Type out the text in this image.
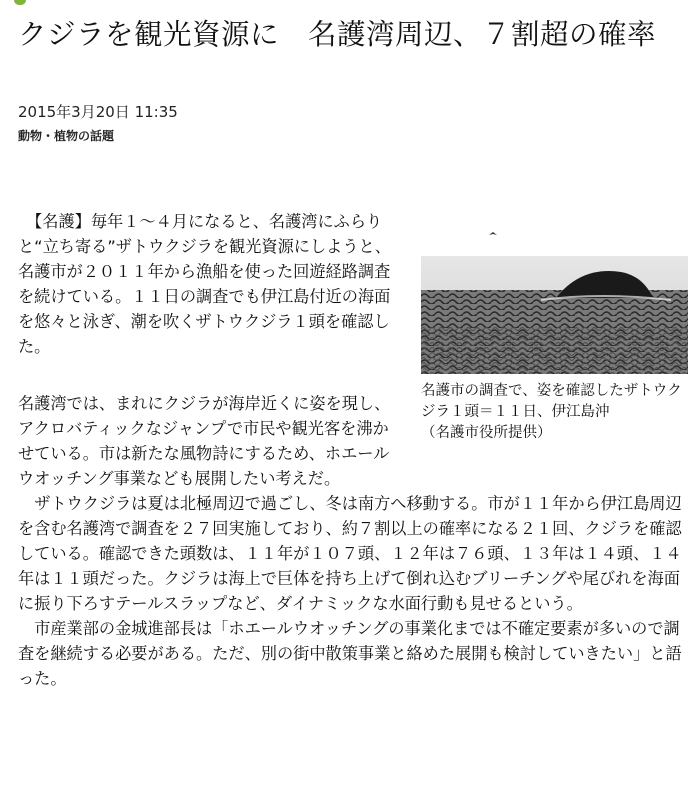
クジラを観光資源に　名護湾周辺、７割超の確率
2015年3月20日 11:35
動物・植物の話題

【名護】毎年１～４月になると、名護湾にふらりと“立ち寄る”ザトウクジラを観光資源にしようと、名護市が２０１１年から漁船を使った回遊経路調査を続けている。１１日の調査でも伊江島付近の海面を悠々と泳ぎ、潮を吹くザトウクジラ１頭を確認した。

名護市の調査で、姿を確認したザトウクジラ１頭＝１１日、伊江島沖

（名護市役所提供）

名護湾では、まれにクジラが海岸近くに姿を現し、アクロバティックなジャンプで市民や観光客を沸かせている。市は新たな風物詩にするため、ホエールウオッチング事業なども展開したい考えだ。

ザトウクジラは夏は北極周辺で過ごし、冬は南方へ移動する。市が１１年から伊江島周辺を含む名護湾で調査を２７回実施しており、約７割以上の確率になる２１回、クジラを確認している。確認できた頭数は、１１年が１０７頭、１２年は７６頭、１３年は１４頭、１４年は１１頭だった。クジラは海上で巨体を持ち上げて倒れ込むブリーチングや尾びれを海面に振り下ろすテールスラップなど、ダイナミックな水面行動も見せるという。

市産業部の金城進部長は「ホエールウオッチングの事業化までは不確定要素が多いので調査を継続する必要がある。ただ、別の街中散策事業と絡めた展開も検討していきたい」と語った。
